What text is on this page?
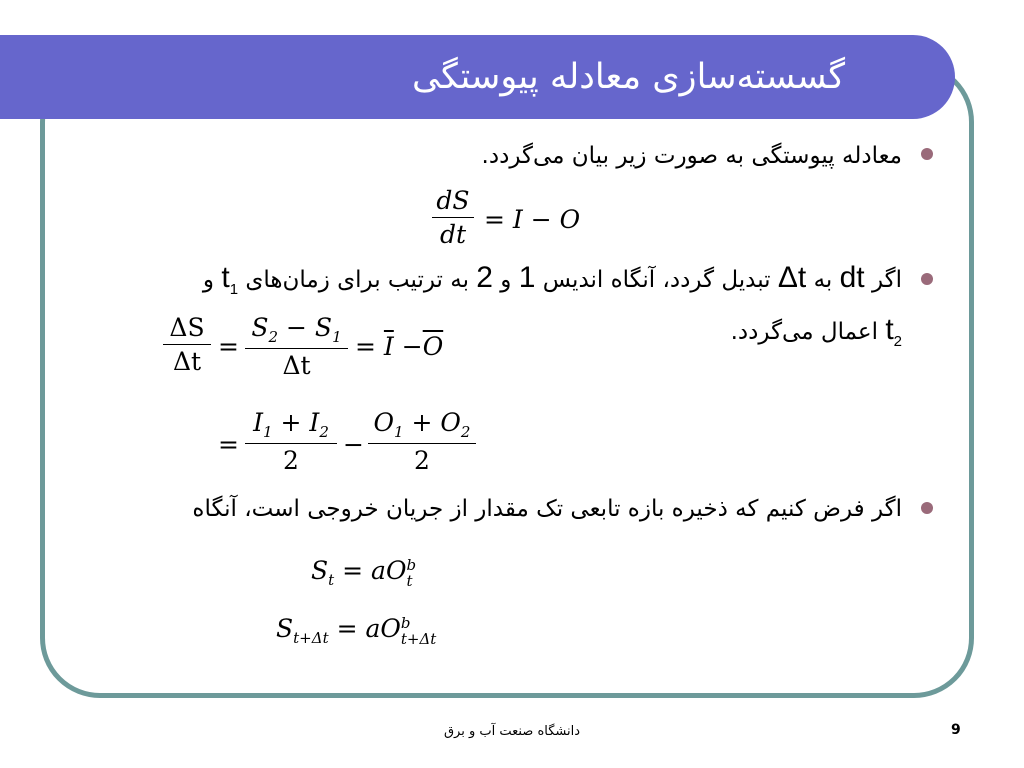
گسسته‌سازی معادله پیوستگی
معادله پیوستگی به صورت زیر بیان می‌گردد.
dS
dt
= I − O
اگر dt به Δt تبدیل گردد، آنگاه اندیس 1 و 2 به ترتیب برای زمان‌های $t_1$ و
$t_2$ اعمال می‌گردد.
ΔS
Δt
=
$S_2 - S_1$
Δt
= $\overline{I} -\overline{O}$
=
$I_1 + I_2$
2
−
$O_1 + O_2$
2
اگر فرض کنیم که ذخیره بازه تابعی تک مقدار از جریان خروجی است، آنگاه
$S_t$ = aO b
t
$S_{t+\Delta t}$ = aO b
t+Δt
دانشگاه صنعت آب و برق	9
